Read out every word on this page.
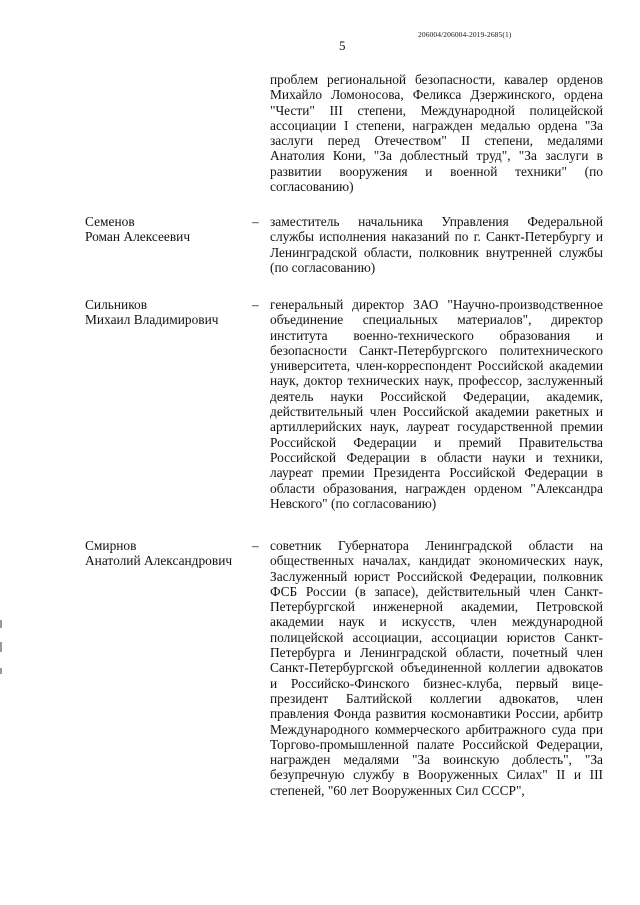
206004/206004-2019-2685(1)
5
проблем региональной безопасности, кавалер орденов Михайло Ломоносова, Феликса Дзержинского, ордена "Чести" III степени, Международной полицейской ассоциации I степени, награжден медалью ордена "За заслуги перед Отечеством" II степени, медалями Анатолия Кони, "За доблестный труд", "За заслуги в развитии вооружения и военной техники" (по согласованию)
Семенов
Роман Алексеевич
– заместитель начальника Управления Федеральной службы исполнения наказаний по г. Санкт-Петербургу и Ленинградской области, полковник внутренней службы (по согласованию)
Сильников
Михаил Владимирович
– генеральный директор ЗАО "Научно-производственное объединение специальных материалов", директор института военно-технического образования и безопасности Санкт-Петербургского политехнического университета, член-корреспондент Российской академии наук, доктор технических наук, профессор, заслуженный деятель науки Российской Федерации, академик, действительный член Российской академии ракетных и артиллерийских наук, лауреат государственной премии Российской Федерации и премий Правительства Российской Федерации в области науки и техники, лауреат премии Президента Российской Федерации в области образования, награжден орденом "Александра Невского" (по согласованию)
Смирнов
Анатолий Александрович
– советник Губернатора Ленинградской области на общественных началах, кандидат экономических наук, Заслуженный юрист Российской Федерации, полковник ФСБ России (в запасе), действительный член Санкт-Петербургской инженерной академии, Петровской академии наук и искусств, член международной полицейской ассоциации, ассоциации юристов Санкт-Петербурга и Ленинградской области, почетный член Санкт-Петербургской объединенной коллегии адвокатов и Российско-Финского бизнес-клуба, первый вице-президент Балтийской коллегии адвокатов, член правления Фонда развития космонавтики России, арбитр Международного коммерческого арбитражного суда при Торгово-промышленной палате Российской Федерации, награжден медалями "За воинскую доблесть", "За безупречную службу в Вооруженных Силах" II и III степеней, "60 лет Вооруженных Сил СССР",
